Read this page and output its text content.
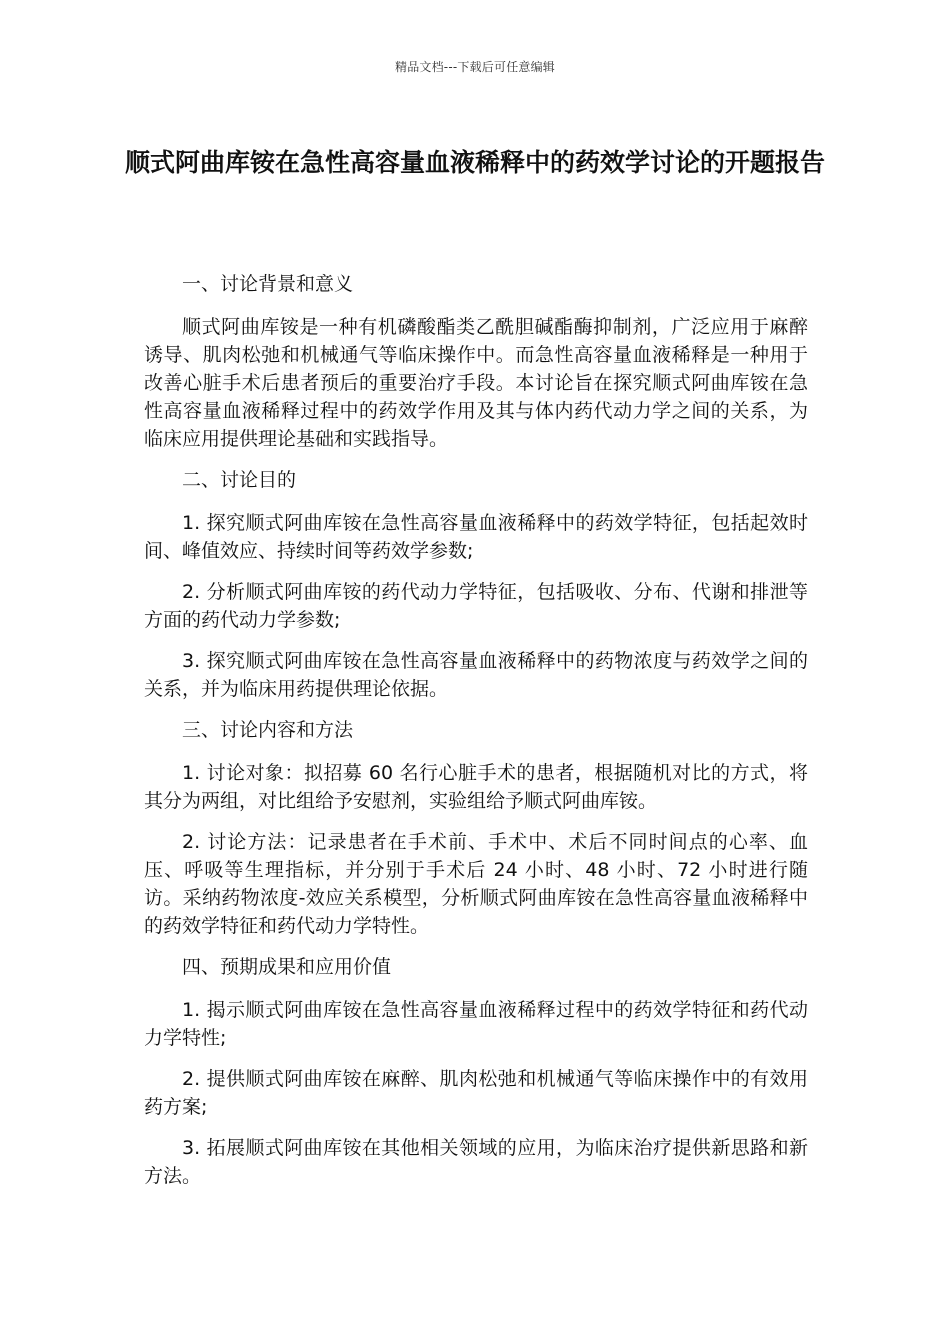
精品文档---下载后可任意编辑
顺式阿曲库铵在急性高容量血液稀释中的药效学讨论的开题报告

一、讨论背景和意义

顺式阿曲库铵是一种有机磷酸酯类乙酰胆碱酯酶抑制剂，广泛应用于麻醉诱导、肌肉松弛和机械通气等临床操作中。而急性高容量血液稀释是一种用于改善心脏手术后患者预后的重要治疗手段。本讨论旨在探究顺式阿曲库铵在急性高容量血液稀释过程中的药效学作用及其与体内药代动力学之间的关系，为临床应用提供理论基础和实践指导。

二、讨论目的

1. 探究顺式阿曲库铵在急性高容量血液稀释中的药效学特征，包括起效时间、峰值效应、持续时间等药效学参数;

2. 分析顺式阿曲库铵的药代动力学特征，包括吸收、分布、代谢和排泄等方面的药代动力学参数;

3. 探究顺式阿曲库铵在急性高容量血液稀释中的药物浓度与药效学之间的关系，并为临床用药提供理论依据。

三、讨论内容和方法

1. 讨论对象：拟招募 60 名行心脏手术的患者，根据随机对比的方式，将其分为两组，对比组给予安慰剂，实验组给予顺式阿曲库铵。

2. 讨论方法：记录患者在手术前、手术中、术后不同时间点的心率、血压、呼吸等生理指标，并分别于手术后 24 小时、48 小时、72 小时进行随访。采纳药物浓度-效应关系模型，分析顺式阿曲库铵在急性高容量血液稀释中的药效学特征和药代动力学特性。

四、预期成果和应用价值

1. 揭示顺式阿曲库铵在急性高容量血液稀释过程中的药效学特征和药代动力学特性;

2. 提供顺式阿曲库铵在麻醉、肌肉松弛和机械通气等临床操作中的有效用药方案;

3. 拓展顺式阿曲库铵在其他相关领域的应用，为临床治疗提供新思路和新方法。
